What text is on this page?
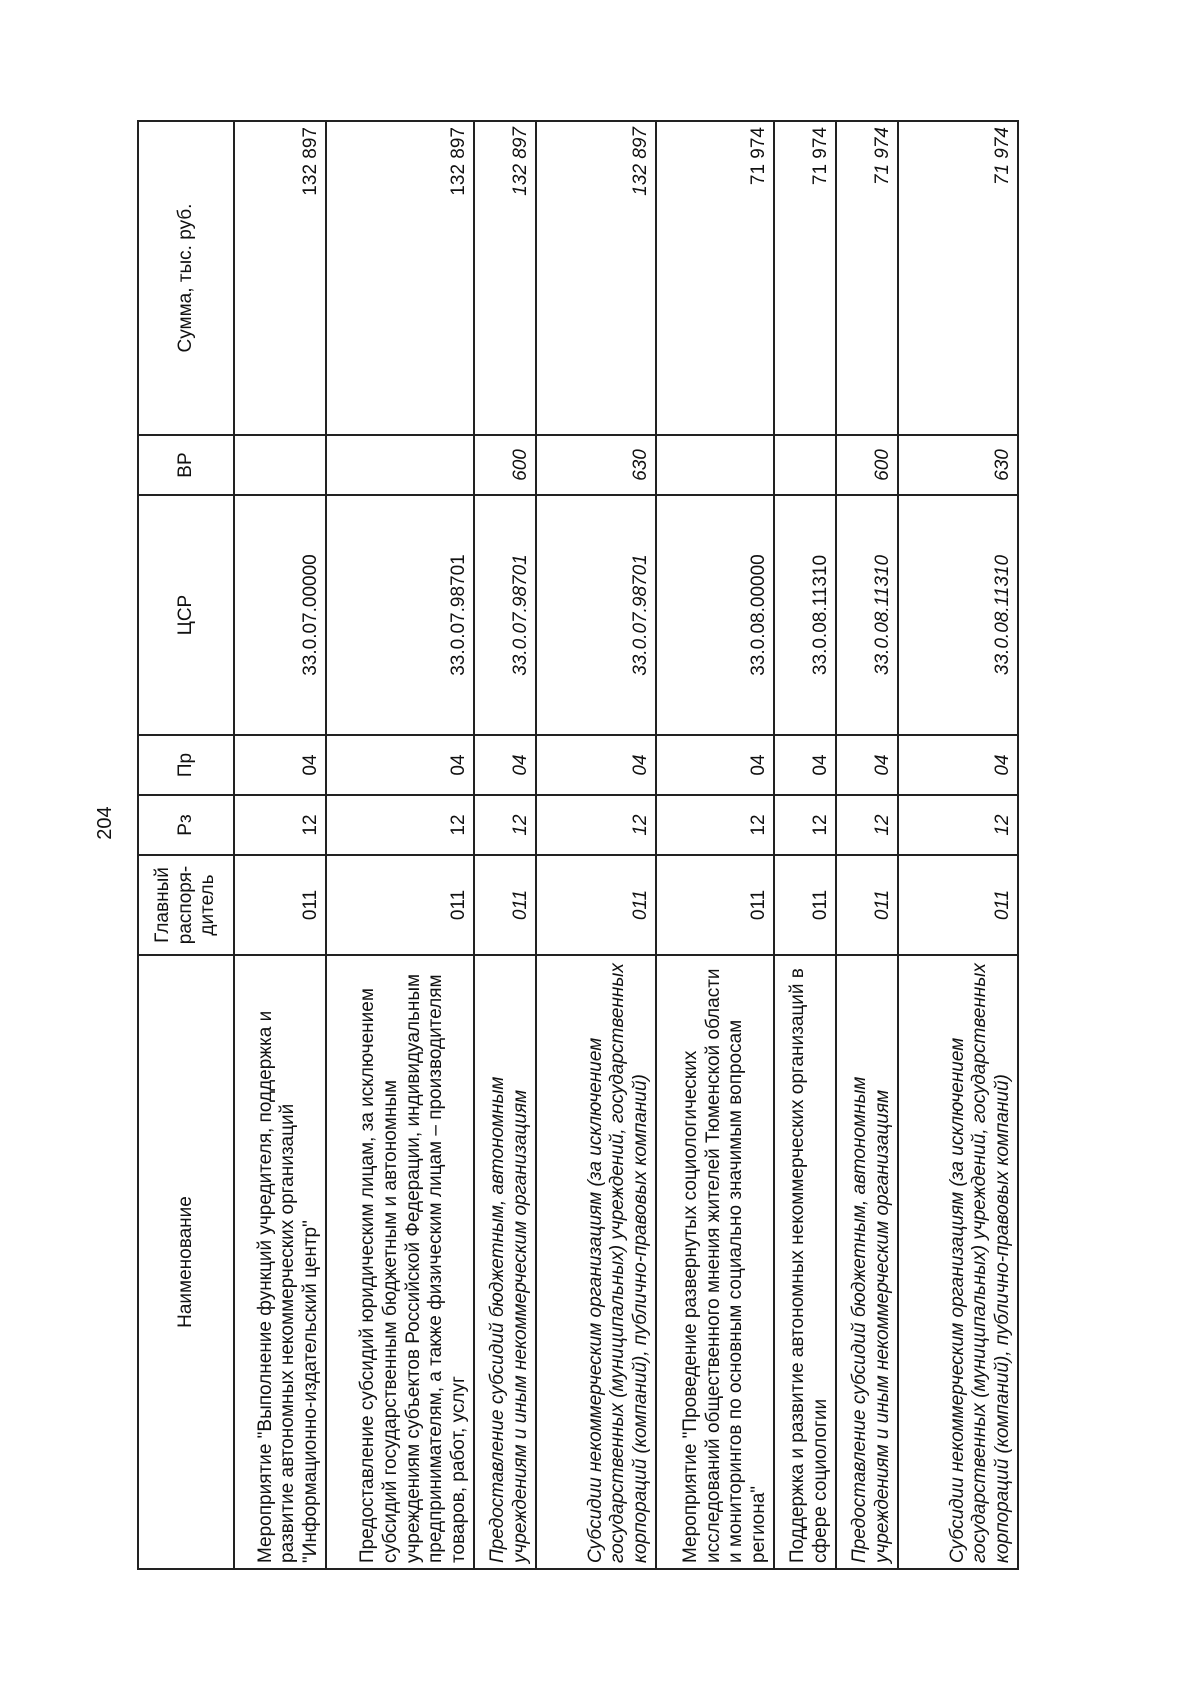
204
Наименование	Главный распоря-дитель	Рз	Пр	ЦСР	ВР	Сумма, тыс. руб.
Мероприятие "Выполнение функций учредителя, поддержка и развитие автономных некоммерческих организаций "Информационно-издательский центр"	011	12	04	33.0.07.00000		132 897
Предоставление субсидий юридическим лицам, за исключением субсидий государственным бюджетным и автономным учреждениям субъектов Российской Федерации, индивидуальным предпринимателям, а также физическим лицам – производителям товаров, работ, услуг	011	12	04	33.0.07.98701		132 897
Предоставление субсидий бюджетным, автономным учреждениям и иным некоммерческим организациям	011	12	04	33.0.07.98701	600	132 897
Субсидии некоммерческим организациям (за исключением государственных (муниципальных) учреждений, государственных корпораций (компаний), публично-правовых компаний)	011	12	04	33.0.07.98701	630	132 897
Мероприятие "Проведение развернутых социологических исследований общественного мнения жителей Тюменской области и мониторингов по основным социально значимым вопросам региона"	011	12	04	33.0.08.00000		71 974
Поддержка и развитие автономных некоммерческих организаций в сфере социологии	011	12	04	33.0.08.11310		71 974
Предоставление субсидий бюджетным, автономным учреждениям и иным некоммерческим организациям	011	12	04	33.0.08.11310	600	71 974
Субсидии некоммерческим организациям (за исключением государственных (муниципальных) учреждений, государственных корпораций (компаний), публично-правовых компаний)	011	12	04	33.0.08.11310	630	71 974
